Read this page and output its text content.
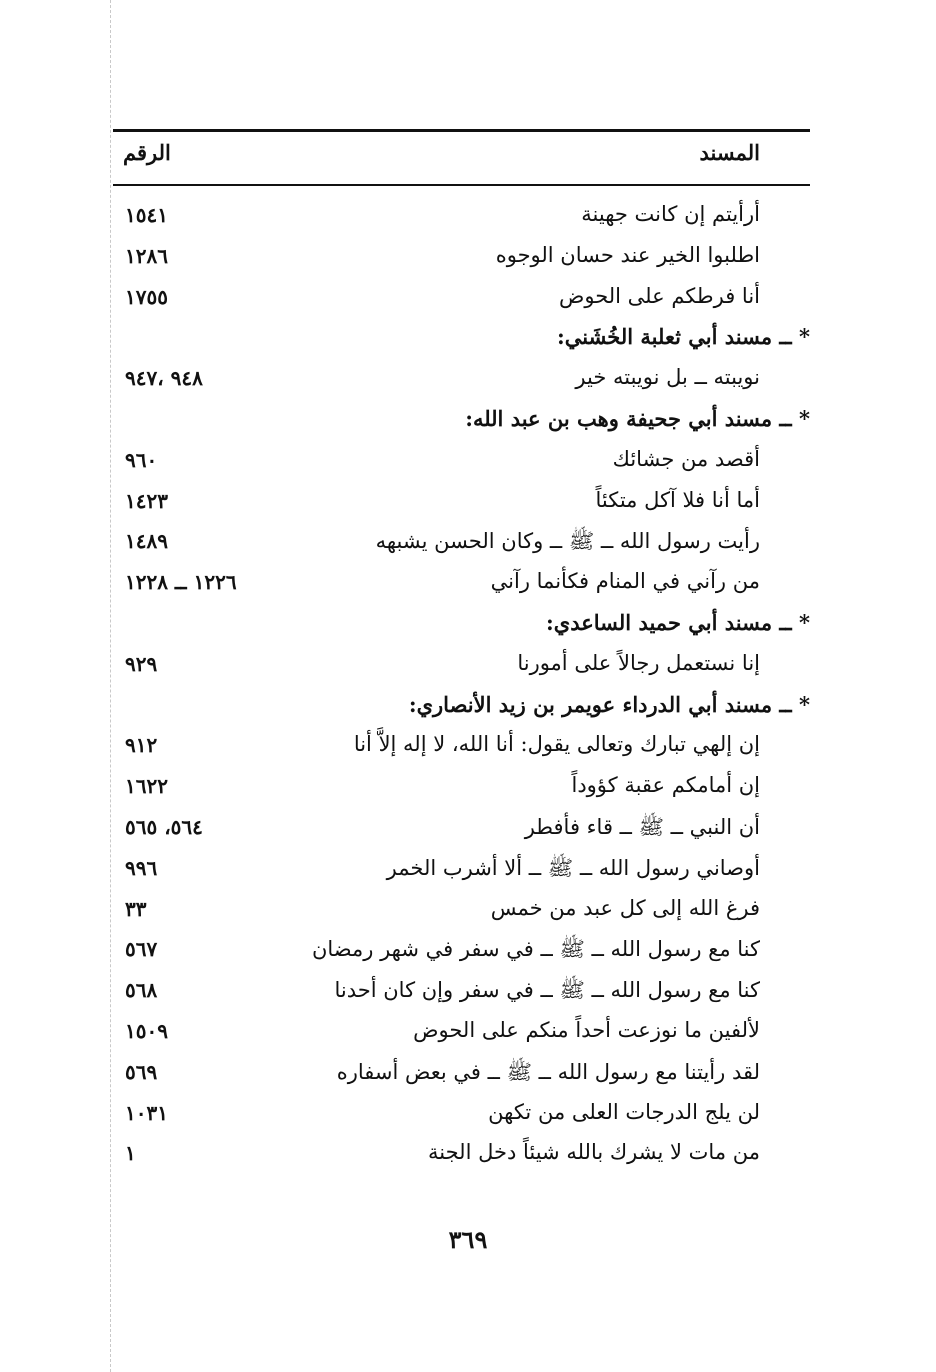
المسند
الرقم
أرأيتم إن كانت جهينة
١٥٤١
اطلبوا الخير عند حسان الوجوه
١٢٨٦
أنا فرطكم على الحوض
١٧٥٥
* ــ مسند أبي ثعلبة الخُشَني:
نويبته ــ بل نويبته خير
٩٤٨ ،٩٤٧
* ــ مسند أبي جحيفة وهب بن عبد الله:
أقصد من جشائك
٩٦٠
أما أنا فلا آكل متكئاً
١٤٢٣
رأيت رسول الله ــ ﷺ ــ وكان الحسن يشبهه
١٤٨٩
من رآني في المنام فكأنما رآني
١٢٢٦ ــ ١٢٢٨
* ــ مسند أبي حميد الساعدي:
إنا نستعمل رجالاً على أمورنا
٩٢٩
* ــ مسند أبي الدرداء عويمر بن زيد الأنصاري:
إن إلهي تبارك وتعالى يقول: أنا الله، لا إله إلاَّ أنا
٩١٢
إن أمامكم عقبة كؤوداً
١٦٢٢
أن النبي ــ ﷺ ــ قاء فأفطر
٥٦٤، ٥٦٥
أوصاني رسول الله ــ ﷺ ــ ألا أشرب الخمر
٩٩٦
فرغ الله إلى كل عبد من خمس
٣٣
كنا مع رسول الله ــ ﷺ ــ في سفر في شهر رمضان
٥٦٧
كنا مع رسول الله ــ ﷺ ــ في سفر وإن كان أحدنا
٥٦٨
لألفين ما نوزعت أحداً منكم على الحوض
١٥٠٩
لقد رأيتنا مع رسول الله ــ ﷺ ــ في بعض أسفاره
٥٦٩
لن يلج الدرجات العلى من تكهن
١٠٣١
من مات لا يشرك بالله شيئاً دخل الجنة
١
٣٦٩
